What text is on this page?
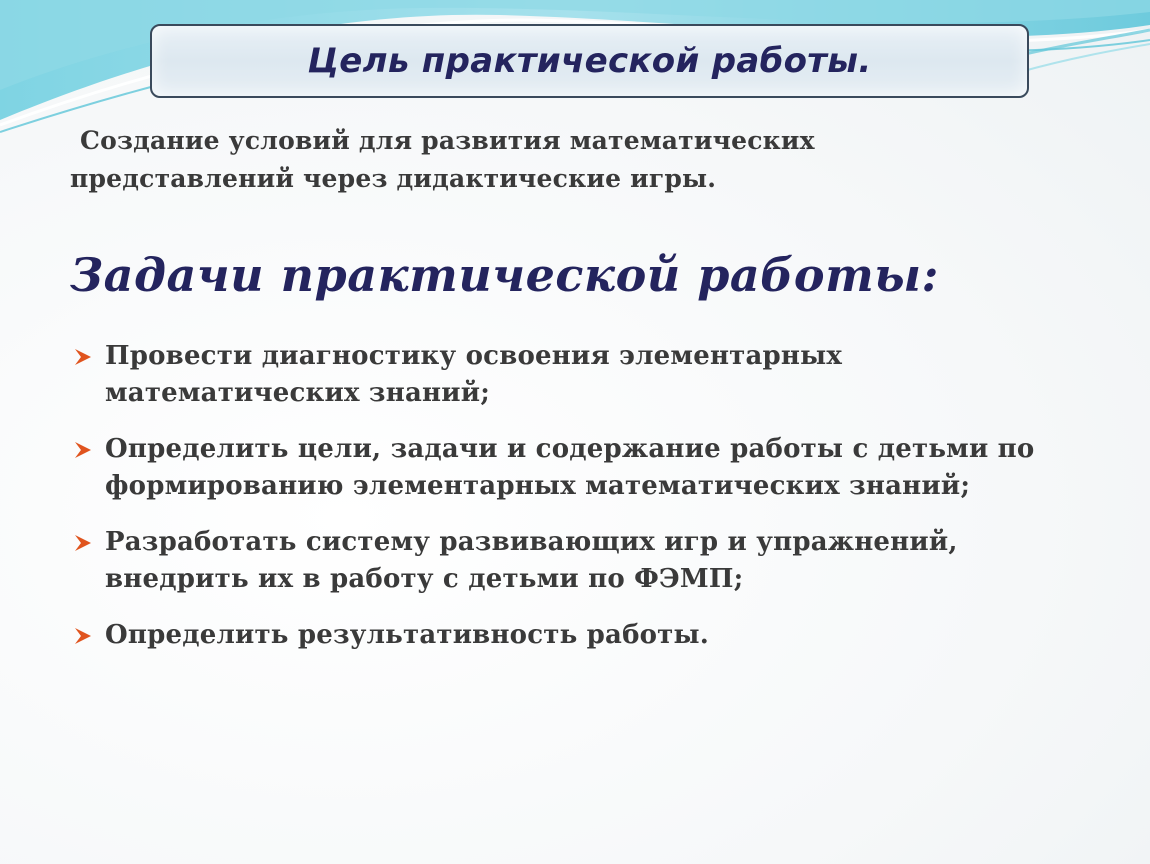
Цель практической работы.
Создание условий для развития математических представлений через дидактические игры.
Задачи практической работы:
Провести диагностику освоения элементарных математических знаний;
Определить цели, задачи и содержание работы с детьми по формированию элементарных математических знаний;
Разработать систему развивающих игр и упражнений, внедрить их в работу с детьми по ФЭМП;
Определить результативность работы.
